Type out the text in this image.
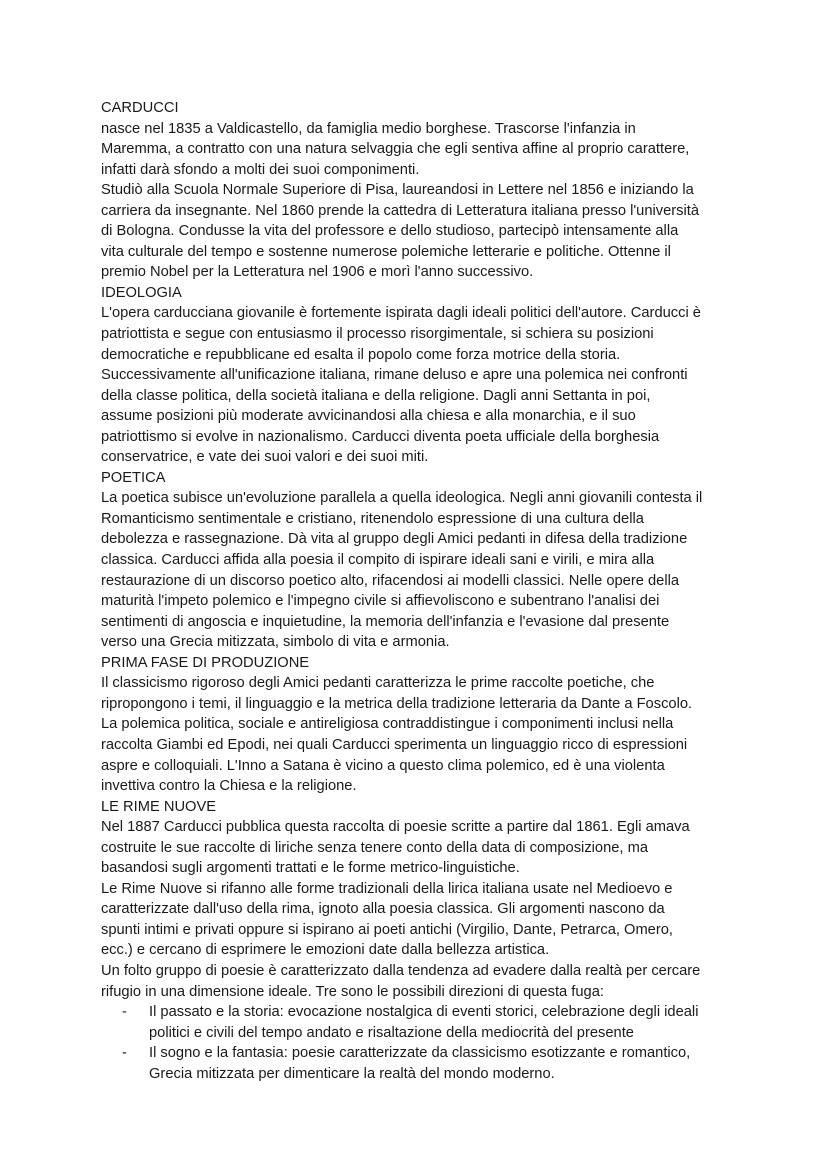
CARDUCCI
nasce nel 1835 a Valdicastello, da famiglia medio borghese. Trascorse l'infanzia in
Maremma, a contratto con una natura selvaggia che egli sentiva affine al proprio carattere,
infatti darà sfondo a molti dei suoi componimenti.
Studiò alla Scuola Normale Superiore di Pisa, laureandosi in Lettere nel 1856 e iniziando la
carriera da insegnante. Nel 1860 prende la cattedra di Letteratura italiana presso l'università
di Bologna. Condusse la vita del professore e dello studioso, partecipò intensamente alla
vita culturale del tempo e sostenne numerose polemiche letterarie e politiche. Ottenne il
premio Nobel per la Letteratura nel 1906 e morì l'anno successivo.
IDEOLOGIA
L'opera carducciana giovanile è fortemente ispirata dagli ideali politici dell'autore. Carducci è
patriottista e segue con entusiasmo il processo risorgimentale, si schiera su posizioni
democratiche e repubblicane ed esalta il popolo come forza motrice della storia.
Successivamente all'unificazione italiana, rimane deluso e apre una polemica nei confronti
della classe politica, della società italiana e della religione. Dagli anni Settanta in poi,
assume posizioni più moderate avvicinandosi alla chiesa e alla monarchia, e il suo
patriottismo si evolve in nazionalismo. Carducci diventa poeta ufficiale della borghesia
conservatrice, e vate dei suoi valori e dei suoi miti.
POETICA
La poetica subisce un'evoluzione parallela a quella ideologica. Negli anni giovanili contesta il
Romanticismo sentimentale e cristiano, ritenendolo espressione di una cultura della
debolezza e rassegnazione. Dà vita al gruppo degli Amici pedanti in difesa della tradizione
classica. Carducci affida alla poesia il compito di ispirare ideali sani e virili, e mira alla
restaurazione di un discorso poetico alto, rifacendosi ai modelli classici. Nelle opere della
maturità l'impeto polemico e l'impegno civile si affievoliscono e subentrano l'analisi dei
sentimenti di angoscia e inquietudine, la memoria dell'infanzia e l'evasione dal presente
verso una Grecia mitizzata, simbolo di vita e armonia.
PRIMA FASE DI PRODUZIONE
Il classicismo rigoroso degli Amici pedanti caratterizza le prime raccolte poetiche, che
ripropongono i temi, il linguaggio e la metrica della tradizione letteraria da Dante a Foscolo.
La polemica politica, sociale e antireligiosa contraddistingue i componimenti inclusi nella
raccolta Giambi ed Epodi, nei quali Carducci sperimenta un linguaggio ricco di espressioni
aspre e colloquiali. L'Inno a Satana è vicino a questo clima polemico, ed è una violenta
invettiva contro la Chiesa e la religione.
LE RIME NUOVE
Nel 1887 Carducci pubblica questa raccolta di poesie scritte a partire dal 1861. Egli amava
costruite le sue raccolte di liriche senza tenere conto della data di composizione, ma
basandosi sugli argomenti trattati e le forme metrico-linguistiche.
Le Rime Nuove si rifanno alle forme tradizionali della lirica italiana usate nel Medioevo e
caratterizzate dall'uso della rima, ignoto alla poesia classica. Gli argomenti nascono da
spunti intimi e privati oppure si ispirano ai poeti antichi (Virgilio, Dante, Petrarca, Omero,
ecc.) e cercano di esprimere le emozioni date dalla bellezza artistica.
Un folto gruppo di poesie è caratterizzato dalla tendenza ad evadere dalla realtà per cercare
rifugio in una dimensione ideale. Tre sono le possibili direzioni di questa fuga:
- Il passato e la storia: evocazione nostalgica di eventi storici, celebrazione degli ideali
politici e civili del tempo andato e risaltazione della mediocrità del presente
- Il sogno e la fantasia: poesie caratterizzate da classicismo esotizzante e romantico,
Grecia mitizzata per dimenticare la realtà del mondo moderno.
